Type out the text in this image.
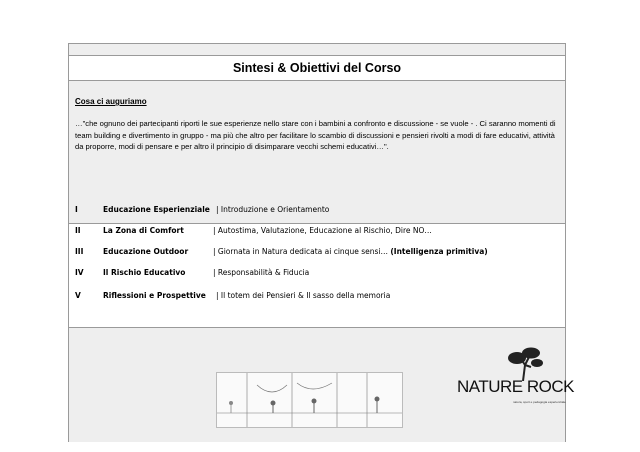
Sintesi & Obiettivi del Corso

Cosa ci auguriamo

…"che ognuno dei partecipanti riporti le sue esperienze nello stare con i bambini a confronto e discussione - se vuole - . Ci saranno momenti di team building e divertimento in gruppo - ma più che altro per facilitare lo scambio di discussioni e pensieri rivolti a modi di fare educativi, attività da proporre, modi di pensare e per altro il principio di disimparare vecchi schemi educativi…".

I	Educazione Esperienziale | Introduzione e Orientamento
II	La Zona di Comfort	| Autostima, Valutazione, Educazione al Rischio, Dire NO…
III	Educazione Outdoor	| Giornata in Natura dedicata ai cinque sensi… (Intelligenza primitiva)
IV	Il Rischio Educativo	| Responsabilità & Fiducia
V	Riflessioni e Prospettive | Il totem dei Pensieri & Il sasso della memoria
NATURE ROCK
natura, sport e pedagogia esperienziale
